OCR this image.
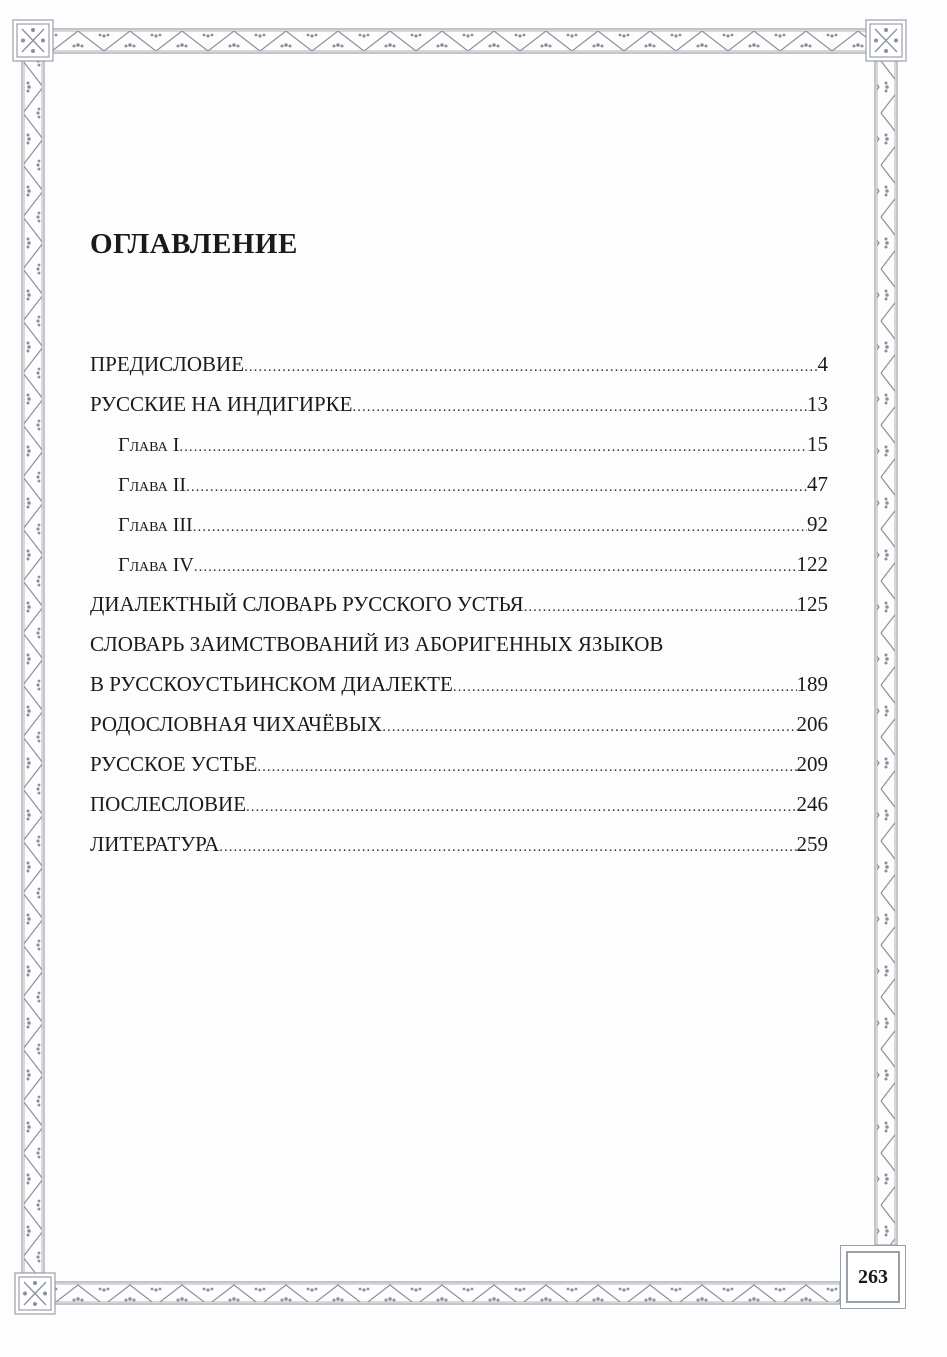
ОГЛАВЛЕНИЕ
ПРЕДИСЛОВИЕ .....	4
РУССКИЕ НА ИНДИГИРКЕ .....	13
Глава I .....	15
Глава II .....	47
Глава III .....	92
Глава IV .....	122
ДИАЛЕКТНЫЙ СЛОВАРЬ РУССКОГО УСТЬЯ .....	125
СЛОВАРЬ ЗАИМСТВОВАНИЙ ИЗ АБОРИГЕННЫХ ЯЗЫКОВ
В РУССКОУСТЬИНСКОМ ДИАЛЕКТЕ .....	189
РОДОСЛОВНАЯ ЧИХАЧЁВЫХ .....	206
РУССКОЕ УСТЬЕ .....	209
ПОСЛЕСЛОВИЕ .....	246
ЛИТЕРАТУРА .....	259
263
